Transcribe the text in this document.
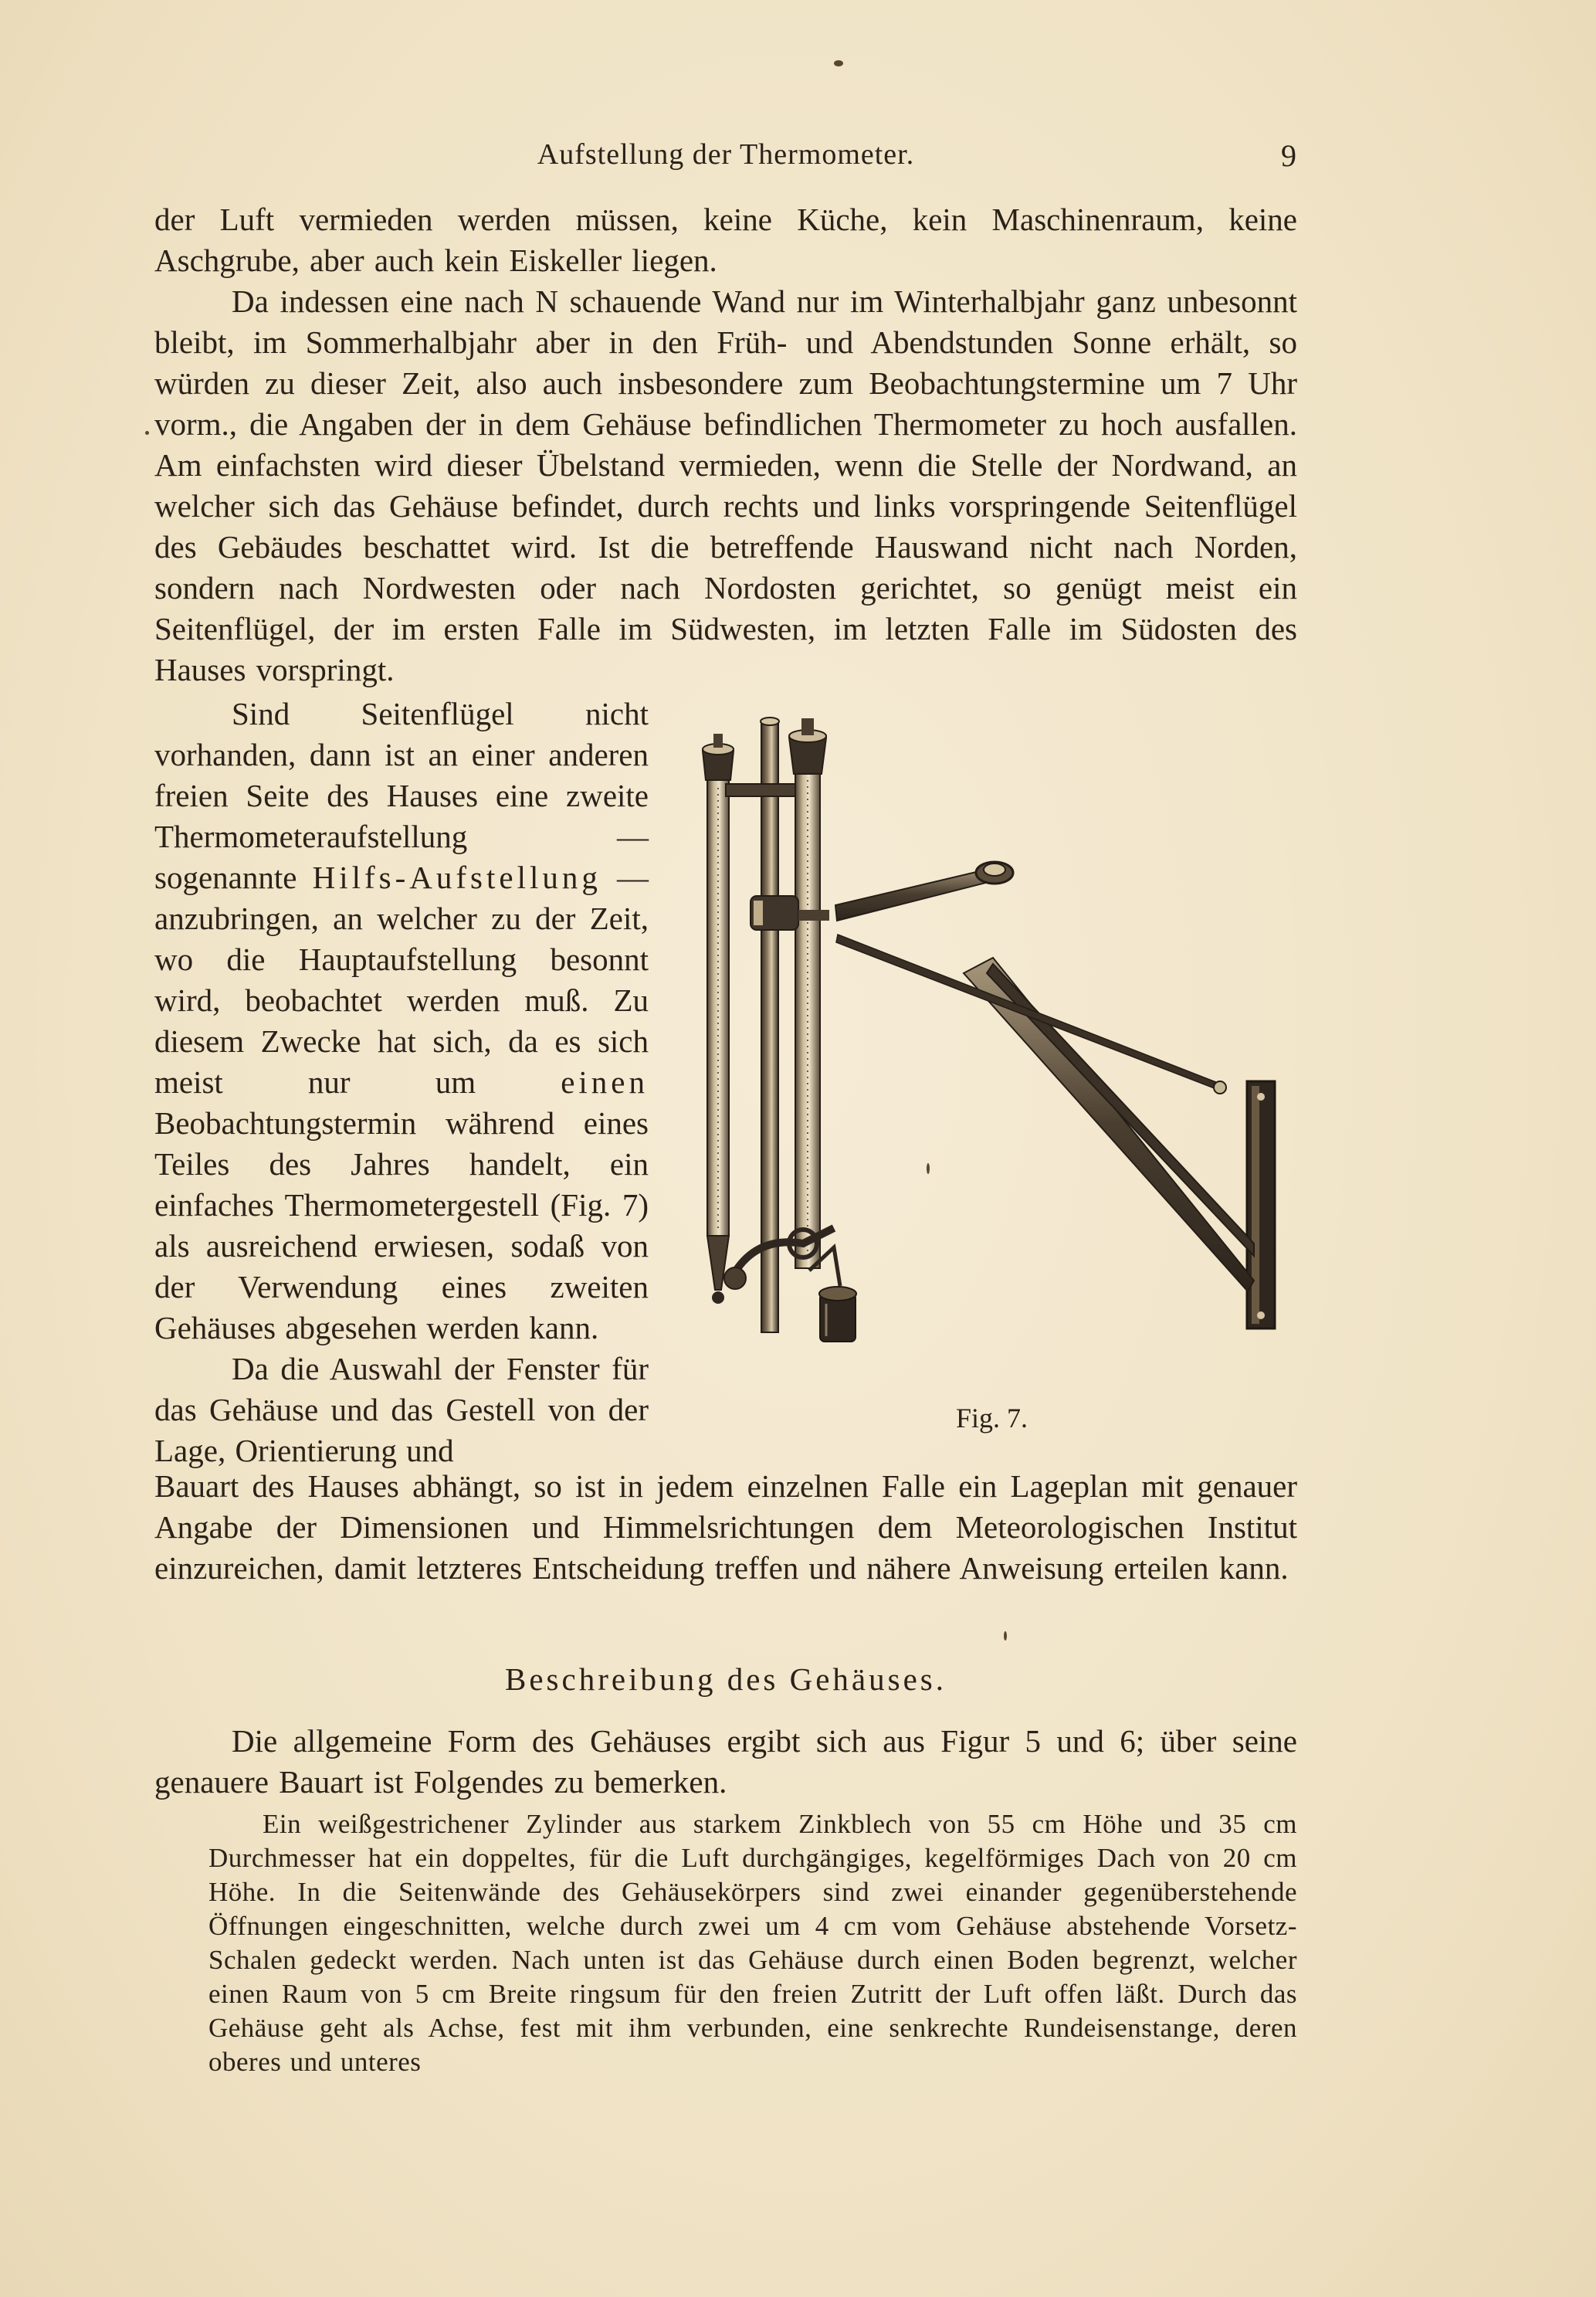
Aufstellung der Thermometer.	9

der Luft vermieden werden müssen, keine Küche, kein Maschinenraum, keine Aschgrube, aber auch kein Eiskeller liegen.

Da indessen eine nach N schauende Wand nur im Winterhalbjahr ganz unbesonnt bleibt, im Sommerhalbjahr aber in den Früh- und Abendstunden Sonne erhält, so würden zu dieser Zeit, also auch insbesondere zum Beobachtungstermine um 7 Uhr vorm., die Angaben der in dem Gehäuse befindlichen Thermometer zu hoch ausfallen. Am einfachsten wird dieser Übelstand vermieden, wenn die Stelle der Nordwand, an welcher sich das Gehäuse befindet, durch rechts und links vorspringende Seitenflügel des Gebäudes beschattet wird. Ist die betreffende Hauswand nicht nach Norden, sondern nach Nordwesten oder nach Nordosten gerichtet, so genügt meist ein Seitenflügel, der im ersten Falle im Südwesten, im letzten Falle im Südosten des Hauses vorspringt.

Sind Seitenflügel nicht vorhanden, dann ist an einer anderen freien Seite des Hauses eine zweite Thermometeraufstellung — sogenannte Hilfs-Aufstellung — anzubringen, an welcher zu der Zeit, wo die Hauptaufstellung besonnt wird, beobachtet werden muß. Zu diesem Zwecke hat sich, da es sich meist nur um	einen Beobachtungstermin während eines Teiles des Jahres handelt, ein einfaches Thermometergestell (Fig. 7) als ausreichend erwiesen, sodaß von der Verwendung eines zweiten Gehäuses abgesehen werden kann.

Da die Auswahl der Fenster für das Gehäuse und das Gestell von der Lage, Orientierung und

Bauart des Hauses abhängt, so ist in jedem einzelnen Falle ein Lageplan mit genauer Angabe der Dimensionen und Himmelsrichtungen dem Meteorologischen Institut einzureichen, damit letzteres Entscheidung treffen und nähere Anweisung erteilen kann.

Fig. 7.
Beschreibung des Gehäuses.

Die allgemeine Form des Gehäuses ergibt sich aus Figur 5 und 6; über seine genauere Bauart ist Folgendes zu bemerken.

Ein weißgestrichener Zylinder aus starkem Zinkblech von 55 cm Höhe und 35 cm Durchmesser hat ein doppeltes, für die Luft durchgängiges, kegelförmiges Dach von 20 cm Höhe. In die Seitenwände des Gehäusekörpers sind zwei einander gegenüberstehende Öffnungen eingeschnitten, welche durch zwei um 4 cm vom Gehäuse abstehende Vorsetz-Schalen gedeckt werden. Nach unten ist das Gehäuse durch einen Boden begrenzt, welcher einen Raum von 5 cm Breite ringsum für den freien Zutritt der Luft offen läßt. Durch das Gehäuse geht als Achse, fest mit ihm verbunden, eine senkrechte Rundeisenstange, deren oberes und unteres
